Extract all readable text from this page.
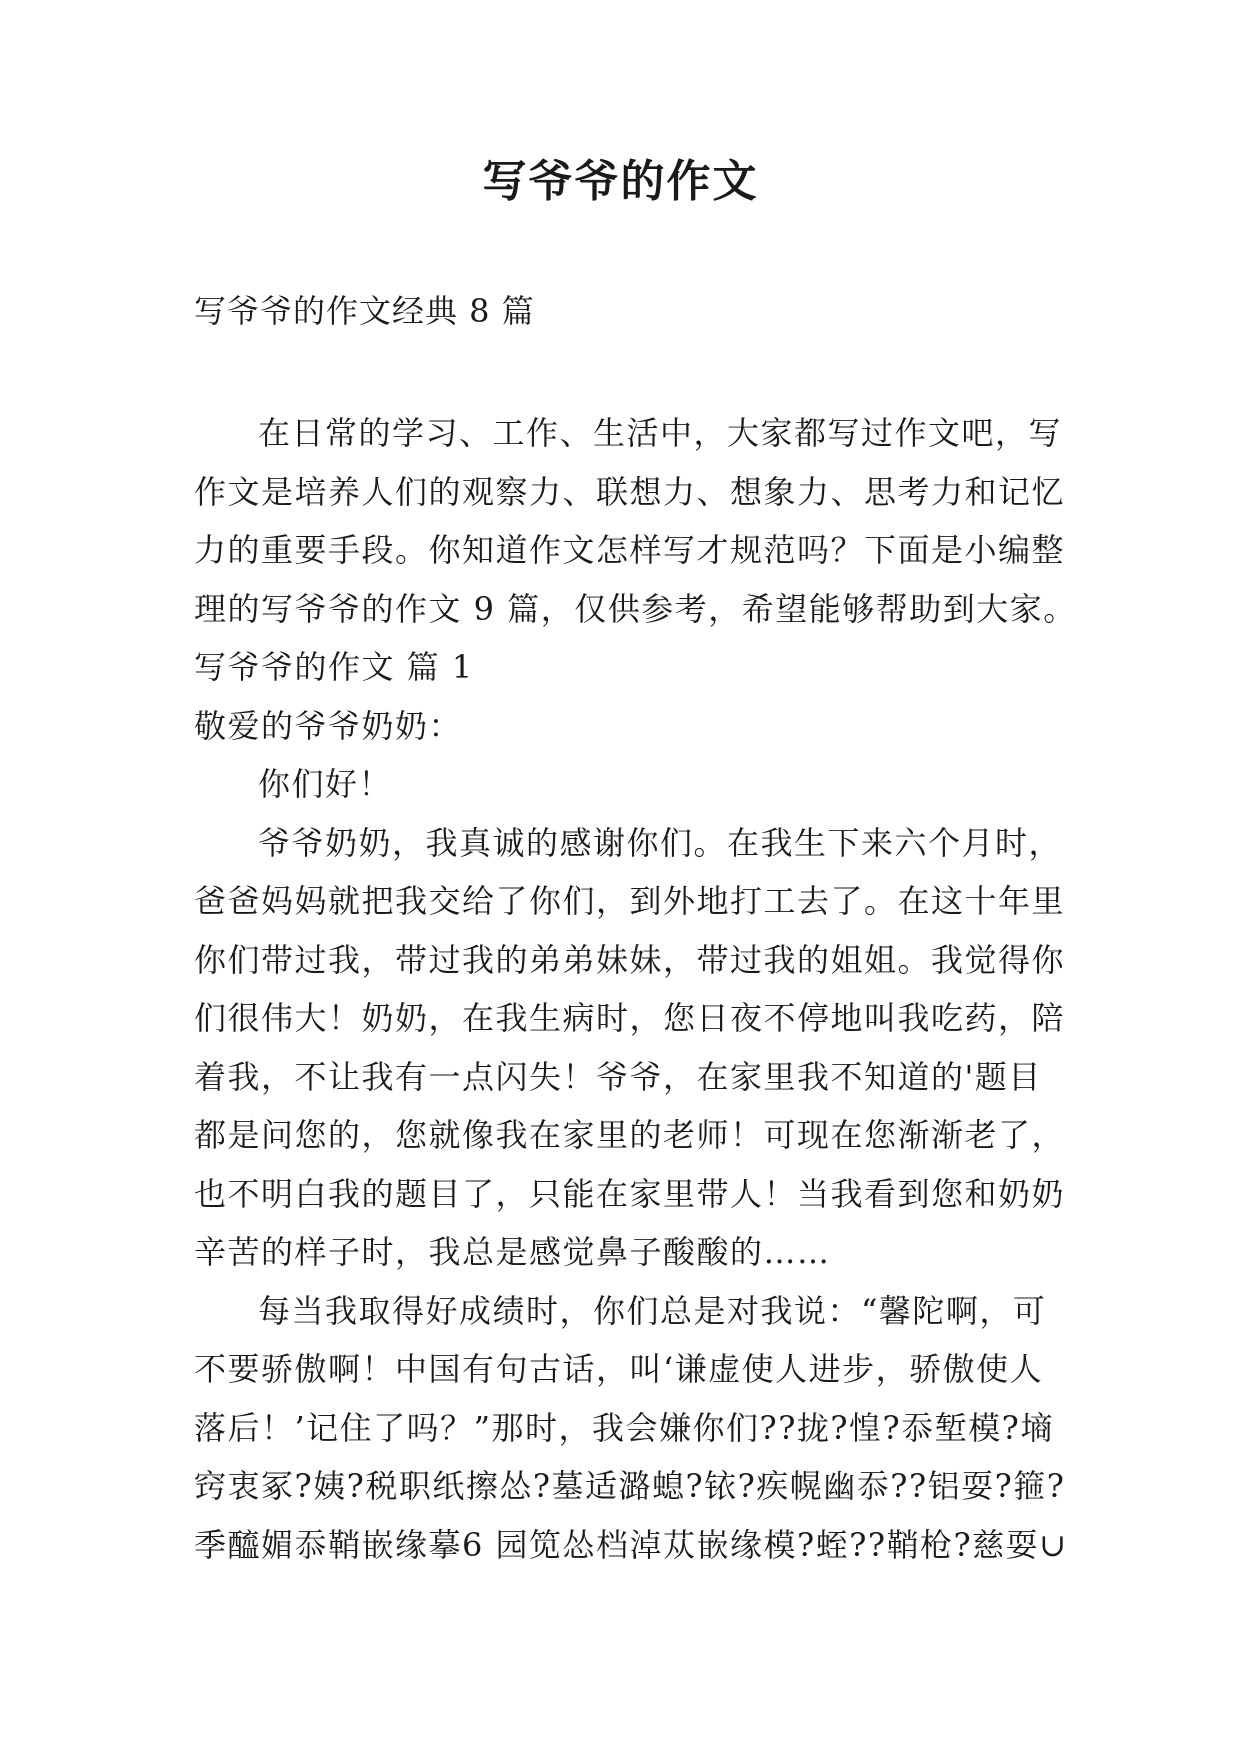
写爷爷的作文

写爷爷的作文经典 8 篇

在日常的学习、工作、生活中，大家都写过作文吧，写
作文是培养人们的观察力、联想力、想象力、思考力和记忆
力的重要手段。你知道作文怎样写才规范吗？下面是小编整
理的写爷爷的作文 9 篇，仅供参考，希望能够帮助到大家。
写爷爷的作文 篇 1
敬爱的爷爷奶奶：
你们好！
爷爷奶奶，我真诚的感谢你们。在我生下来六个月时，
爸爸妈妈就把我交给了你们，到外地打工去了。在这十年里
你们带过我，带过我的弟弟妹妹，带过我的姐姐。我觉得你
们很伟大！奶奶，在我生病时，您日夜不停地叫我吃药，陪
着我，不让我有一点闪失！爷爷，在家里我不知道的'题目
都是问您的，您就像我在家里的老师！可现在您渐渐老了，
也不明白我的题目了，只能在家里带人！当我看到您和奶奶
辛苦的样子时，我总是感觉鼻子酸酸的……
每当我取得好成绩时，你们总是对我说：“馨陀啊，可
不要骄傲啊！中国有句古话，叫‘谦虚使人进步，骄傲使人
落后！’记住了吗？”那时，我会嫌你们??拢?惶?忝堑模?墒
窍衷冢?姨?税职纸擦怂?墓适潞螅?铱?疾幌幽忝??铝耍?箍?
季醯媚忝鞘嵌缘摹6 园笕怂档淖苁嵌缘模?蛭??鞘枪?慈耍∪
